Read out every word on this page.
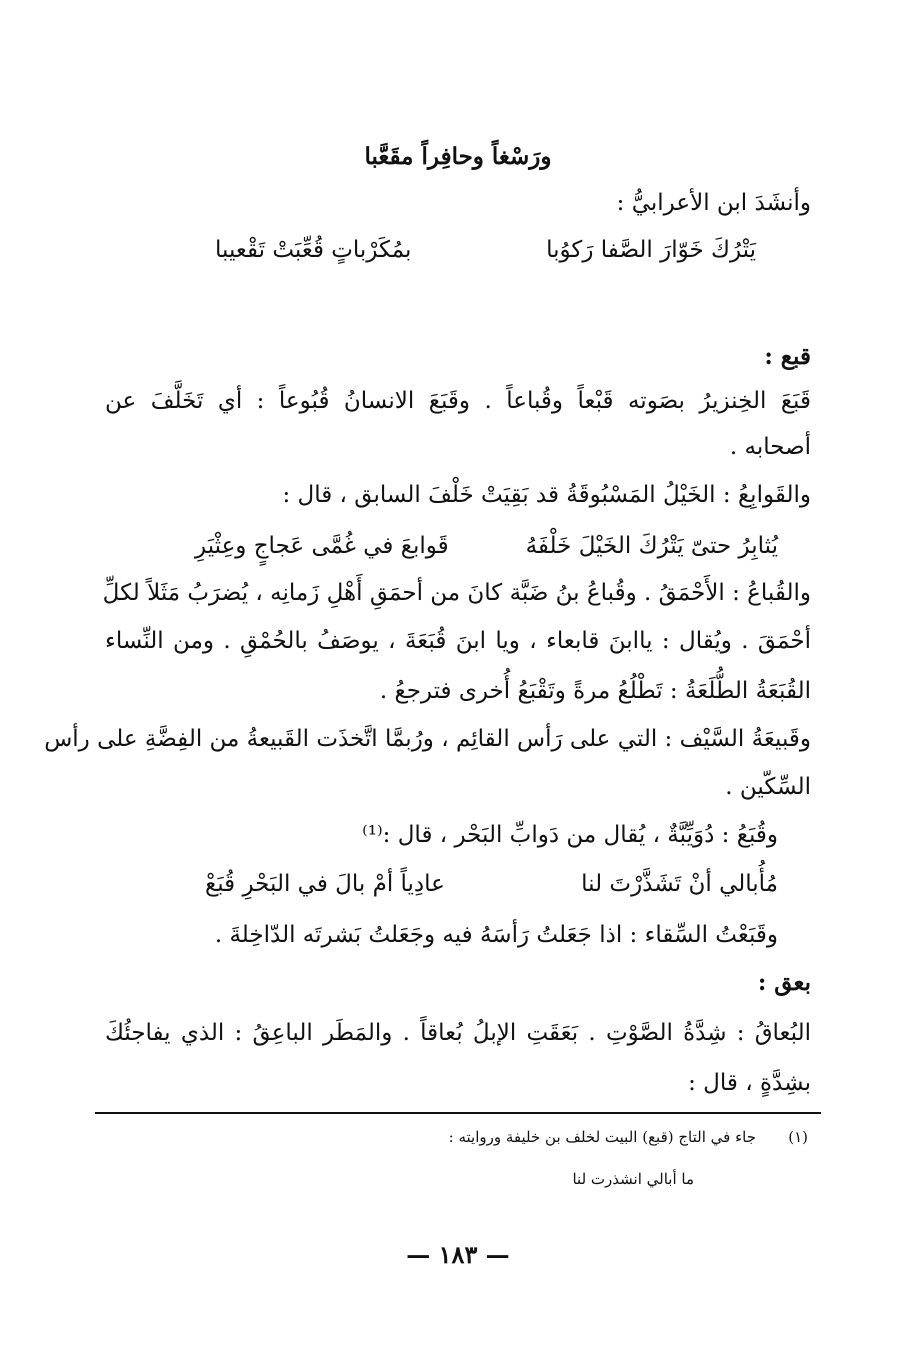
ورَسْغاً وحافِراً مقَعَّبا
وأنشَدَ ابن الأعرابيُّ :
يَتْرُكَ خَوّارَ الصَّفا رَكوُبا
بمُكَرْباتٍ قُعِّبَتْ تَقْعيبا
قبع :
قَبَعَ الخِنزيرُ بصَوته قَبْعاً وقُباعاً . وقَبَعَ الانسانُ قُبُوعاً : أي تَخَلَّفَ عن
أصحابه .
والقَوابِعُ : الخَيْلُ المَسْبُوقَةُ قد بَقِيَتْ خَلْفَ السابق ، قال :
يُثابِرُ حتىّ يَتْرُكَ الخَيْلَ خَلْفَهُ
قَوابعَ في غُمَّى عَجاجٍ وعِثْيَرِ
والقُباعُ : الأَحْمَقُ . وقُباعُ بنُ ضَبَّة كانَ من أحمَقِ أَهْلِ زَمانِه ، يُضرَبُ مَثَلاً لكلِّ
أحْمَقَ . ويُقال : ياابنَ قابعاء ، ويا ابنَ قُبَعَةَ ، يوصَفُ بالحُمْقِ . ومن النِّساء
القُبَعَةُ الطُّلَعَةُ : تَطْلُعُ مرةً وتَقْبَعُ أُخرى فترجعُ .
وقَبيعَةُ السَّيْف : التي على رَأس القائِم ، ورُبمَّا اتَّخذَت القَبيعةُ من الفِضَّةِ على رأس
السِّكّين .
وقُبَعُ : دُوَيِّبَّةٌ ، يُقال من دَوابِّ البَحْر ، قال :⁽¹⁾
مُأُبالي أنْ تَشَذَّرْتَ لنا
عادِياً أمْ بالَ في البَحْرِ قُبَعْ
وقَبَعْتُ السِّقاء : اذا جَعَلتُ رَأسَهُ فيه وجَعَلتُ بَشرتَه الدّاخِلةَ .
بعق :
البُعاقُ : شِدَّةُ الصَّوْتِ . بَعَقَتِ الإبلُ بُعاقاً . والمَطَر الباعِقُ : الذي يفاجئُكَ
بشِدَّةٍ ، قال :
(١)
جاء في التاج (قبع) البيت لخلف بن خليفة وروايته :
ما أبالي انشذرت لنا
— ١٨٣ —
